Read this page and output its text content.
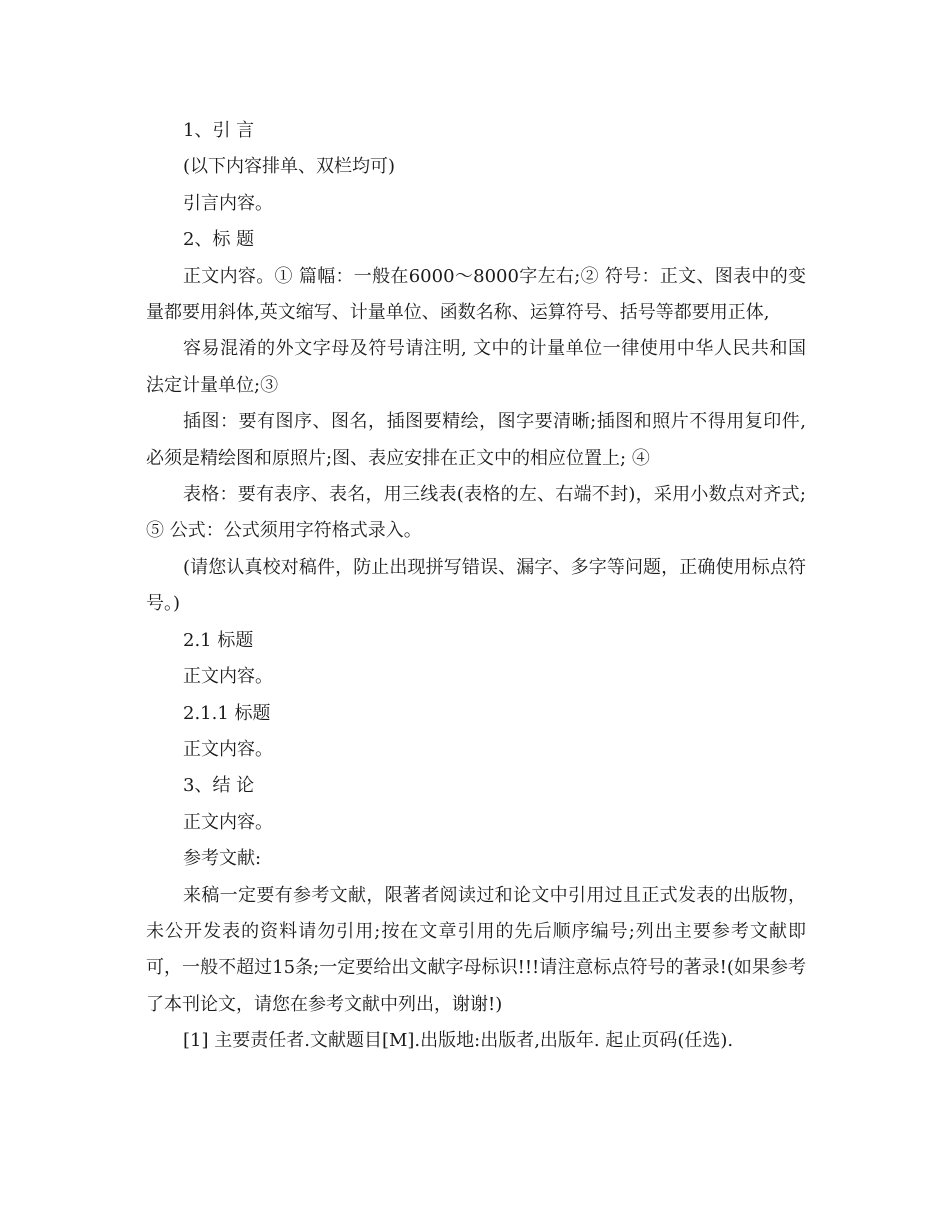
1、引 言

(以下内容排单、双栏均可)

引言内容。

2、标 题

正文内容。① 篇幅：一般在6000～8000字左右;② 符号：正文、图表中的变量都要用斜体,英文缩写、计量单位、函数名称、运算符号、括号等都要用正体,

容易混淆的外文字母及符号请注明, 文中的计量单位一律使用中华人民共和国法定计量单位;③

插图：要有图序、图名，插图要精绘，图字要清晰;插图和照片不得用复印件,必须是精绘图和原照片;图、表应安排在正文中的相应位置上; ④

表格：要有表序、表名，用三线表(表格的左、右端不封)，采用小数点对齐式; ⑤ 公式：公式须用字符格式录入。

(请您认真校对稿件，防止出现拼写错误、漏字、多字等问题，正确使用标点符号。)

2.1 标题

正文内容。

2.1.1 标题

正文内容。

3、结 论

正文内容。

参考文献:

来稿一定要有参考文献，限著者阅读过和论文中引用过且正式发表的出版物，未公开发表的资料请勿引用;按在文章引用的先后顺序编号;列出主要参考文献即可，一般不超过15条;一定要给出文献字母标识!!!请注意标点符号的著录!(如果参考了本刊论文，请您在参考文献中列出，谢谢!)

[1] 主要责任者.文献题目[M].出版地:出版者,出版年. 起止页码(任选).
